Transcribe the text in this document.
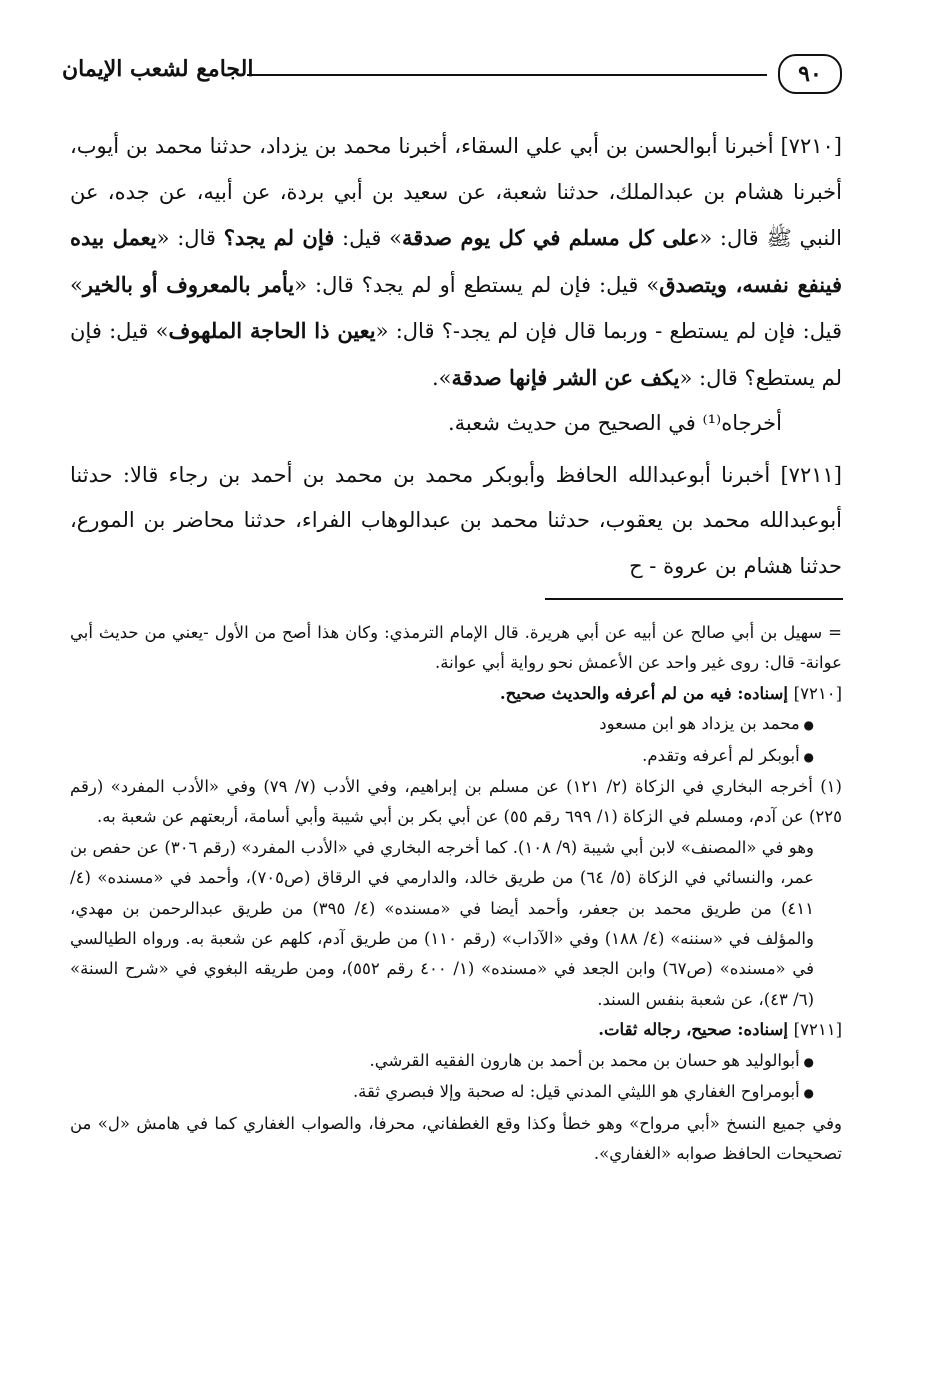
٩٠
الجامع لشعب الإيمان

[٧٢١٠] أخبرنا أبوالحسن بن أبي علي السقاء، أخبرنا محمد بن يزداد، حدثنا محمد بن أيوب، أخبرنا هشام بن عبدالملك، حدثنا شعبة، عن سعيد بن أبي بردة، عن أبيه، عن جده، عن النبي ﷺ قال: «على كل مسلم في كل يوم صدقة» قيل: فإن لم يجد؟ قال: «يعمل بيده فينفع نفسه، ويتصدق» قيل: فإن لم يستطع أو لم يجد؟ قال: «يأمر بالمعروف أو بالخير» قيل: فإن لم يستطع - وربما قال فإن لم يجد-؟ قال: «يعين ذا الحاجة الملهوف» قيل: فإن لم يستطع؟ قال: «يكف عن الشر فإنها صدقة».

أخرجاه⁽¹⁾ في الصحيح من حديث شعبة.

[٧٢١١] أخبرنا أبوعبدالله الحافظ وأبوبكر محمد بن محمد بن أحمد بن رجاء قالا: حدثنا أبوعبدالله محمد بن يعقوب، حدثنا محمد بن عبدالوهاب الفراء، حدثنا محاضر بن المورع، حدثنا هشام بن عروة - ح

= سهيل بن أبي صالح عن أبيه عن أبي هريرة. قال الإمام الترمذي: وكان هذا أصح من الأول -يعني من حديث أبي عوانة- قال: روى غير واحد عن الأعمش نحو رواية أبي عوانة.

[٧٢١٠] إسناده: فيه من لم أعرفه والحديث صحيح.

● محمد بن يزداد هو ابن مسعود

● أبوبكر لم أعرفه وتقدم.

(١) أخرجه البخاري في الزكاة (٢/ ١٢١) عن مسلم بن إبراهيم، وفي الأدب (٧/ ٧٩) وفي «الأدب المفرد» (رقم ٢٢٥) عن آدم، ومسلم في الزكاة (١/ ٦٩٩ رقم ٥٥) عن أبي بكر بن أبي شيبة وأبي أسامة، أربعتهم عن شعبة به.

وهو في «المصنف» لابن أبي شيبة (٩/ ١٠٨). كما أخرجه البخاري في «الأدب المفرد» (رقم ٣٠٦) عن حفص بن عمر، والنسائي في الزكاة (٥/ ٦٤) من طريق خالد، والدارمي في الرقاق (ص٧٠٥)، وأحمد في «مسنده» (٤/ ٤١١) من طريق محمد بن جعفر، وأحمد أيضا في «مسنده» (٤/ ٣٩٥) من طريق عبدالرحمن بن مهدي، والمؤلف في «سننه» (٤/ ١٨٨) وفي «الآداب» (رقم ١١٠) من طريق آدم، كلهم عن شعبة به. ورواه الطيالسي في «مسنده» (ص٦٧) وابن الجعد في «مسنده» (١/ ٤٠٠ رقم ٥٥٢)، ومن طريقه البغوي في «شرح السنة» (٦/ ٤٣)، عن شعبة بنفس السند.

[٧٢١١] إسناده: صحيح، رجاله ثقات.

● أبوالوليد هو حسان بن محمد بن أحمد بن هارون الفقيه القرشي.

● أبومراوح الغفاري هو الليثي المدني قيل: له صحبة وإلا فبصري ثقة.

وفي جميع النسخ «أبي مرواح» وهو خطأ وكذا وقع الغطفاني، محرفا، والصواب الغفاري كما في هامش «ل» من تصحيحات الحافظ صوابه «الغفاري».
